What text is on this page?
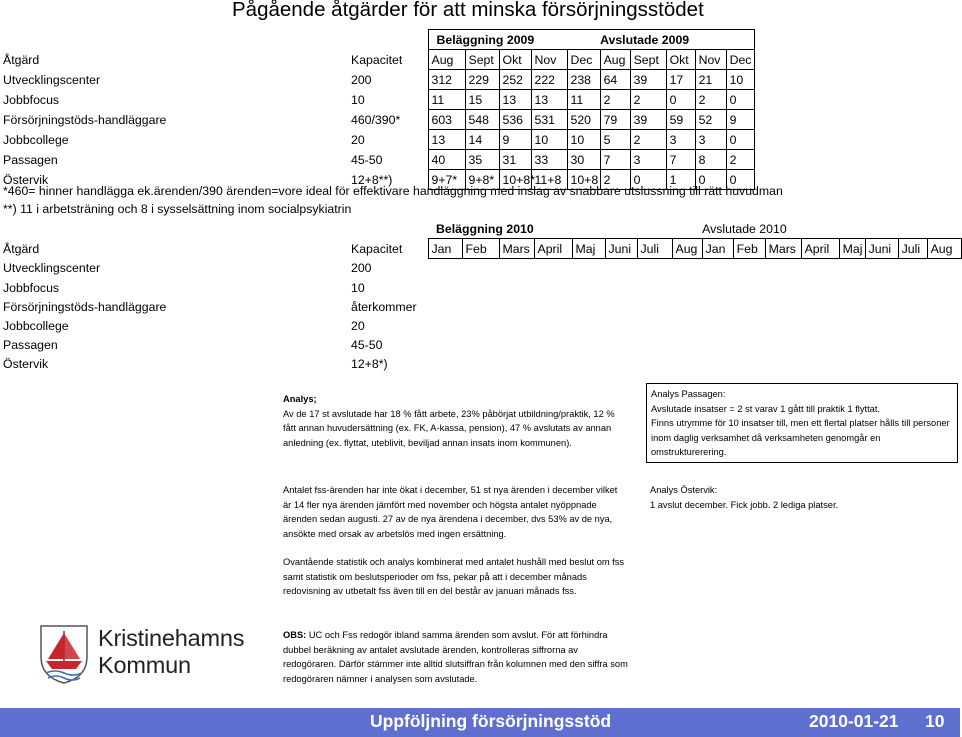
Pågående åtgärder för att minska försörjningsstödet
		Beläggning 2009					Avslutade 2009				
Åtgärd	Kapacitet	Aug	Sept	Okt	Nov	Dec	Aug	Sept	Okt	Nov	Dec
Utvecklingscenter	200	312	229	252	222	238	64	39	17	21	10
Jobbfocus	10	11	15	13	13	11	2	2	0	2	0
Försörjningstöds-handläggare	460/390*	603	548	536	531	520	79	39	59	52	9
Jobbcollege	20	13	14	9	10	10	5	2	3	3	0
Passagen	45-50	40	35	31	33	30	7	3	7	8	2
Östervik	12+8**)	9+7*	9+8*	10+8*	11+8	10+8	2	0	1	0	0
*460= hinner handlägga ek.ärenden/390 ärenden=vore ideal för effektivare handläggning med inslag av snabbare utslussning till rätt huvudman
**) 11 i arbetsträning och 8 i sysselsättning inom socialpsykiatrin
		Beläggning 2010								Avslutade 2010							
Åtgärd	Kapacitet	Jan	Feb	Mars	April	Maj	Juni	Juli	Aug	Jan	Feb	Mars	April	Maj	Juni	Juli	Aug
Utvecklingscenter	200																
Jobbfocus	10																
Försörjningstöds-handläggare	återkommer																
Jobbcollege	20																
Passagen	45-50																
Östervik	12+8*)																
Analys;
Av de 17 st avslutade har 18 % fått arbete, 23% påbörjat utbildning/praktik, 12 % fått annan huvudersättning (ex. FK, A-kassa, pension), 47 % avslutats av annan anledning (ex. flyttat, uteblivit, beviljad annan insats inom kommunen).
Antalet fss-ärenden har inte ökat i december, 51 st nya ärenden i december vilket är 14 fler nya ärenden jämfört med november och högsta antalet nyöppnade ärenden sedan augusti. 27 av de nya ärendena i december, dvs 53% av de nya, ansökte med orsak av arbetslös med ingen ersättning.
Ovantående statistik och analys kombinerat med antalet hushåll med beslut om fss samt statistik om beslutsperioder om fss, pekar på att i december månads redovisning av utbetalt fss även till en del består av januari månads fss.
OBS: UC och Fss redogör ibland samma ärenden som avslut. För att förhindra dubbel beräkning av antalet avslutade ärenden, kontrolleras siffrorna av redogöraren. Därför stämmer inte alltid slutsiffran från kolumnen med den siffra som redogöraren nämner i analysen som avslutade.
Analys Passagen:
Avslutade insatser = 2 st varav 1 gått till praktik 1 flyttat.
Finns utrymme för 10 insatser till, men ett flertal platser hålls till personer inom daglig verksamhet då verksamheten genomgår en omstrukturerering.
Analys Östervik:
1 avslut december. Fick jobb. 2 lediga platser.
Kristinehamns
Kommun
Uppföljning försörjningsstöd	2010-01-21 10
